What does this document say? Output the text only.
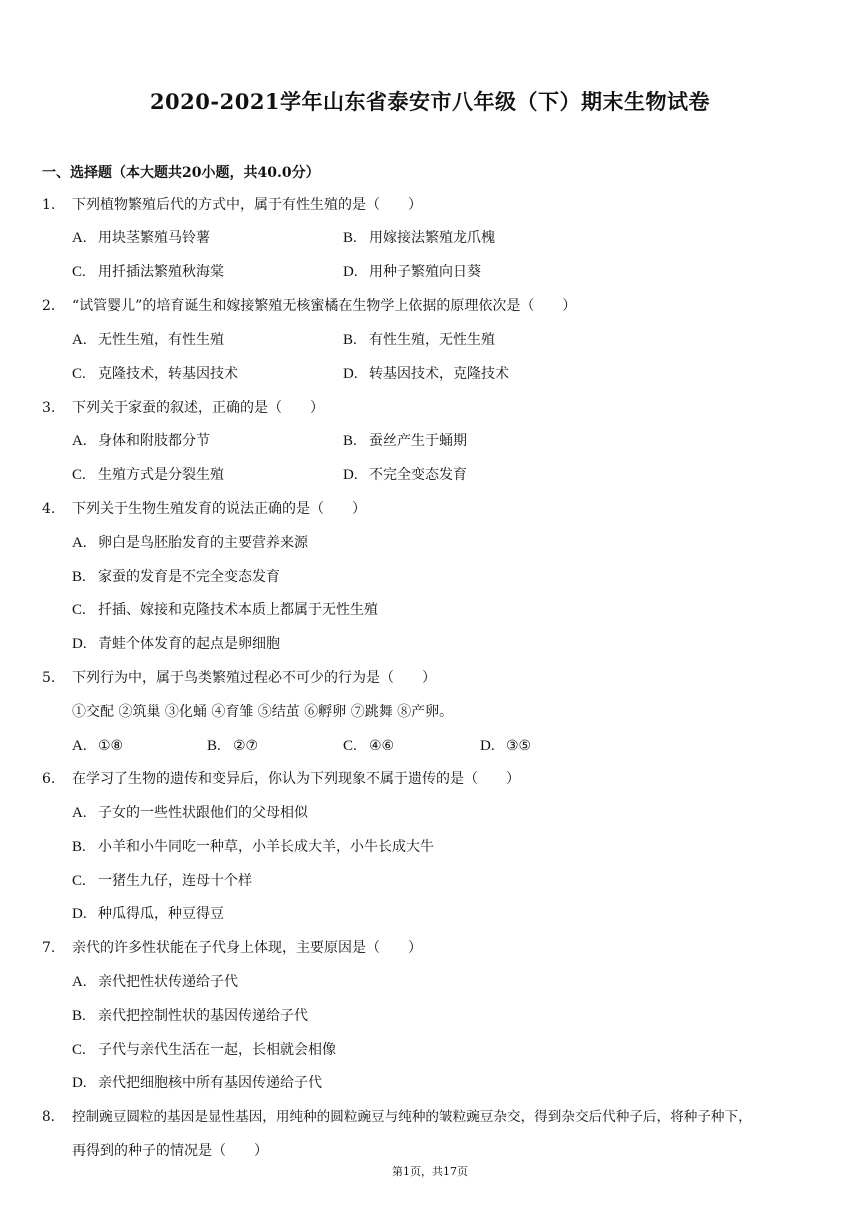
2020-2021学年山东省泰安市八年级（下）期末生物试卷
一、选择题（本大题共20小题，共40.0分）
1. 下列植物繁殖后代的方式中，属于有性生殖的是（　　）
A. 用块茎繁殖马铃薯	B. 用嫁接法繁殖龙爪槐
C. 用扦插法繁殖秋海棠	D. 用种子繁殖向日葵
2. “试管婴儿”的培育诞生和嫁接繁殖无核蜜橘在生物学上依据的原理依次是（　　）
A. 无性生殖，有性生殖	B. 有性生殖，无性生殖
C. 克隆技术，转基因技术	D. 转基因技术，克隆技术
3. 下列关于家蚕的叙述，正确的是（　　）
A. 身体和附肢都分节	B. 蚕丝产生于蛹期
C. 生殖方式是分裂生殖	D. 不完全变态发育
4. 下列关于生物生殖发育的说法正确的是（　　）
A. 卵白是鸟胚胎发育的主要营养来源
B. 家蚕的发育是不完全变态发育
C. 扦插、嫁接和克隆技术本质上都属于无性生殖
D. 青蛙个体发育的起点是卵细胞
5. 下列行为中，属于鸟类繁殖过程必不可少的行为是（　　）
①交配 ②筑巢 ③化蛹 ④育雏 ⑤结茧 ⑥孵卵 ⑦跳舞 ⑧产卵。
A. ①⑧	B. ②⑦	C. ④⑥	D. ③⑤
6. 在学习了生物的遗传和变异后，你认为下列现象不属于遗传的是（　　）
A. 子女的一些性状跟他们的父母相似
B. 小羊和小牛同吃一种草，小羊长成大羊，小牛长成大牛
C. 一猪生九仔，连母十个样
D. 种瓜得瓜，种豆得豆
7. 亲代的许多性状能在子代身上体现，主要原因是（　　）
A. 亲代把性状传递给子代
B. 亲代把控制性状的基因传递给子代
C. 子代与亲代生活在一起，长相就会相像
D. 亲代把细胞核中所有基因传递给子代
8. 控制豌豆圆粒的基因是显性基因，用纯种的圆粒豌豆与纯种的皱粒豌豆杂交，得到杂交后代种子后，将种子种下，
再得到的种子的情况是（　　）
第1页，共17页
